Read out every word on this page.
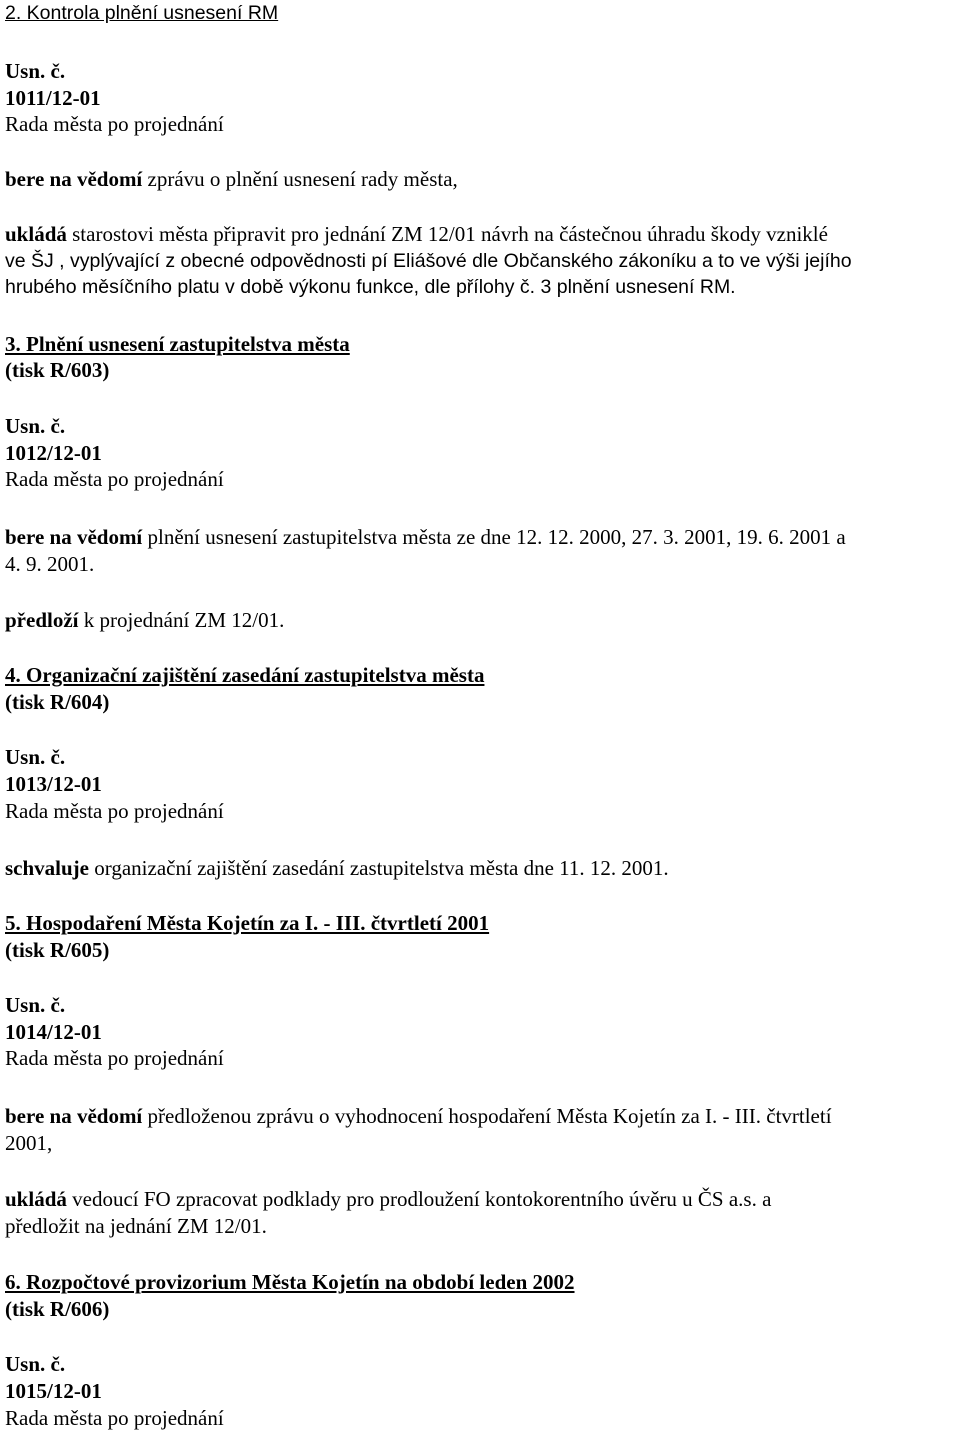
2. Kontrola plnění usnesení RM
Usn. č.
1011/12-01
Rada města po projednání
bere na vědomí zprávu o plnění usnesení rady města,
ukládá starostovi města připravit pro jednání ZM 12/01 návrh na částečnou úhradu škody vzniklé
ve ŠJ , vyplývající z obecné odpovědnosti pí Eliášové dle Občanského zákoníku a to ve výši jejího
hrubého měsíčního platu v době výkonu funkce, dle přílohy č. 3 plnění usnesení RM.
3. Plnění usnesení zastupitelstva města
(tisk R/603)
Usn. č.
1012/12-01
Rada města po projednání
bere na vědomí plnění usnesení zastupitelstva města ze dne 12. 12. 2000, 27. 3. 2001, 19. 6. 2001 a
4. 9. 2001.
předloží k projednání ZM 12/01.
4. Organizační zajištění zasedání zastupitelstva města
(tisk R/604)
Usn. č.
1013/12-01
Rada města po projednání
schvaluje organizační zajištění zasedání zastupitelstva města dne 11. 12. 2001.
5. Hospodaření Města Kojetín za I. - III. čtvrtletí 2001
(tisk R/605)
Usn. č.
1014/12-01
Rada města po projednání
bere na vědomí předloženou zprávu o vyhodnocení hospodaření Města Kojetín za I. - III. čtvrtletí
2001,
ukládá vedoucí FO zpracovat podklady pro prodloužení kontokorentního úvěru u ČS a.s. a
předložit na jednání ZM 12/01.
6. Rozpočtové provizorium Města Kojetín na období leden 2002
(tisk R/606)
Usn. č.
1015/12-01
Rada města po projednání
